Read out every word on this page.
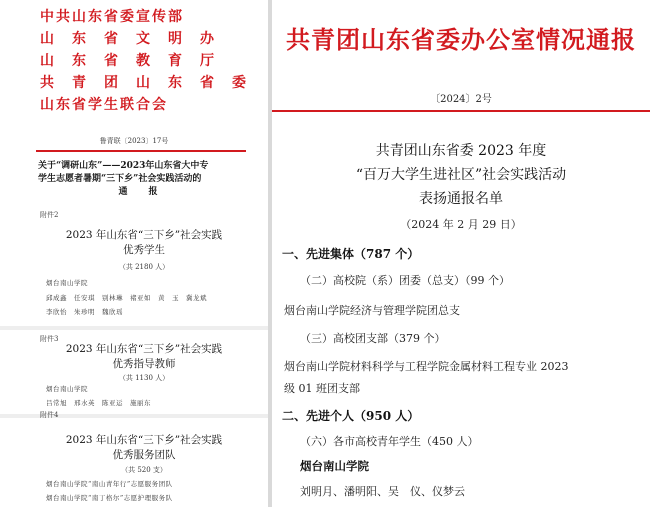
中共山东省委宣传部
山　东　省　文　明　办
山　东　省　教　育　厅
共　青　团　山　东　省　委
山东省学生联合会
鲁青联〔2023〕17号
关于“调研山东”——2023年山东省大中专
学生志愿者暑期“三下乡”社会实践活动的
通　报
附件2
2023 年山东省“三下乡”社会实践
优秀学生
（共 2180 人）
烟台南山学院
邱成鑫　任安琪　别林琳　褚亚如　黄　玉　冀龙斌
李欣怡　朱珍明　魏欣瑶
附件3
2023 年山东省“三下乡”社会实践
优秀指导教师
（共 1130 人）
烟台南山学院
吕常旭　邢水英　陈亚运　施丽东
附件4
2023 年山东省“三下乡”社会实践
优秀服务团队
（共 520 支）
烟台南山学院“南山青年行”志愿服务团队
烟台南山学院“南丁格尔”志愿护理服务队
共青团山东省委办公室情况通报
〔2024〕2号
共青团山东省委 2023 年度
“百万大学生进社区”社会实践活动
表扬通报名单
（2024 年 2 月 29 日）
一、先进集体（787 个）
（二）高校院（系）团委（总支）（99 个）
烟台南山学院经济与管理学院团总支
（三）高校团支部（379 个）
烟台南山学院材料科学与工程学院金属材料工程专业 2023
级 01 班团支部
二、先进个人（950 人）
（六）各市高校青年学生（450 人）
烟台南山学院
刘明月、潘明阳、吴　仪、仪梦云
